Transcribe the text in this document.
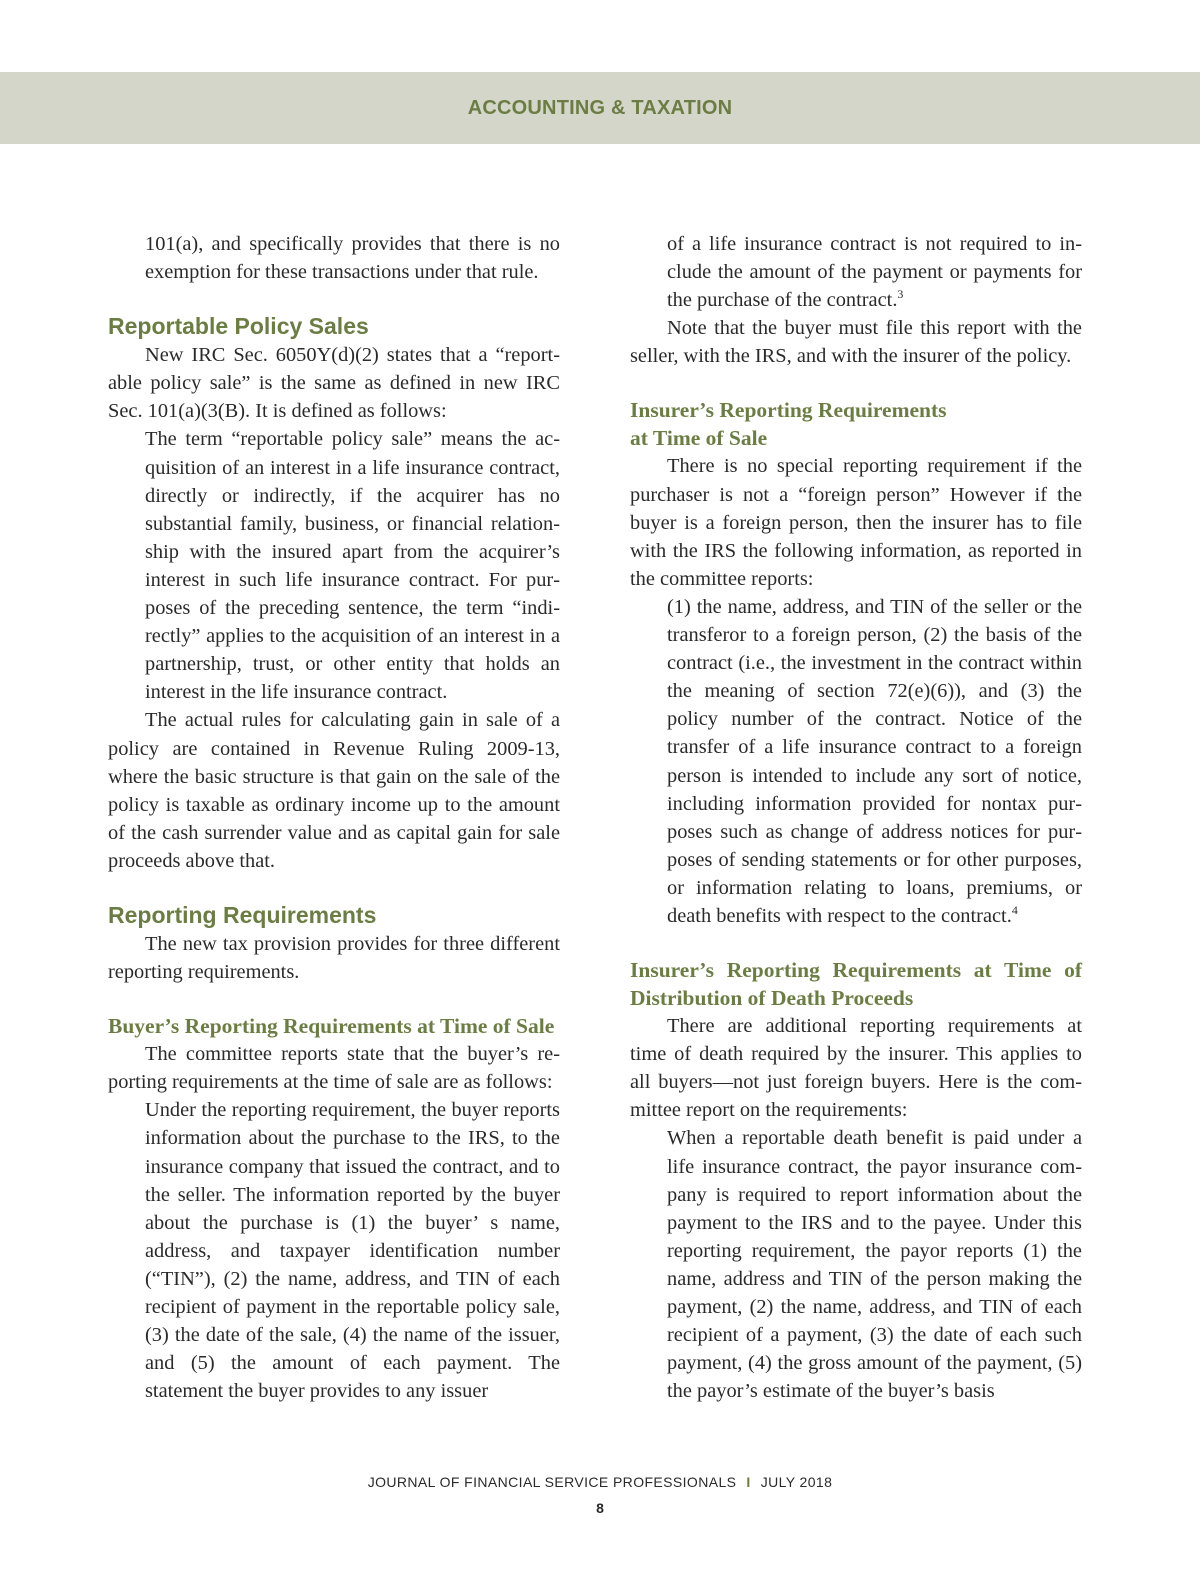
ACCOUNTING & TAXATION

101(a), and specifically provides that there is no exemption for these transactions under that rule.

Reportable Policy Sales

New IRC Sec. 6050Y(d)(2) states that a “reportable policy sale” is the same as defined in new IRC Sec. 101(a)(3(B). It is defined as follows:

The term “reportable policy sale” means the acquisition of an interest in a life insurance contract, directly or indirectly, if the acquirer has no substantial family, business, or financial relationship with the insured apart from the acquirer’s interest in such life insurance contract. For purposes of the preceding sentence, the term “indirectly” applies to the acquisition of an interest in a partnership, trust, or other entity that holds an interest in the life insurance contract.

The actual rules for calculating gain in sale of a policy are contained in Revenue Ruling 2009-13, where the basic structure is that gain on the sale of the policy is taxable as ordinary income up to the amount of the cash surrender value and as capital gain for sale proceeds above that.

Reporting Requirements

The new tax provision provides for three different reporting requirements.

Buyer’s Reporting Requirements at Time of Sale

The committee reports state that the buyer’s reporting requirements at the time of sale are as follows:

Under the reporting requirement, the buyer reports information about the purchase to the IRS, to the insurance company that issued the contract, and to the seller. The information reported by the buyer about the purchase is (1) the buyer’ s name, address, and taxpayer identification number (“TIN”), (2) the name, address, and TIN of each recipient of payment in the reportable policy sale, (3) the date of the sale, (4) the name of the issuer, and (5) the amount of each payment. The statement the buyer provides to any issuer

of a life insurance contract is not required to include the amount of the payment or payments for the purchase of the contract.$^3$

Note that the buyer must file this report with the seller, with the IRS, and with the insurer of the policy.

Insurer’s Reporting Requirements
at Time of Sale

There is no special reporting requirement if the purchaser is not a “foreign person” However if the buyer is a foreign person, then the insurer has to file with the IRS the following information, as reported in the committee reports:

(1) the name, address, and TIN of the seller or the transferor to a foreign person, (2) the basis of the contract (i.e., the investment in the contract within the meaning of section 72(e)(6)), and (3) the policy number of the contract. Notice of the transfer of a life insurance contract to a foreign person is intended to include any sort of notice, including information provided for nontax purposes such as change of address notices for purposes of sending statements or for other purposes, or information relating to loans, premiums, or death benefits with respect to the contract.$^4$

Insurer’s Reporting Requirements at Time of Distribution of Death Proceeds

There are additional reporting requirements at time of death required by the insurer. This applies to all buyers—not just foreign buyers. Here is the committee report on the requirements:

When a reportable death benefit is paid under a life insurance contract, the payor insurance company is required to report information about the payment to the IRS and to the payee. Under this reporting requirement, the payor reports (1) the name, address and TIN of the person making the payment, (2) the name, address, and TIN of each recipient of a payment, (3) the date of each such payment, (4) the gross amount of the payment, (5) the payor’s estimate of the buyer’s basis

JOURNAL OF FINANCIAL SERVICE PROFESSIONALS I JULY 2018
8
